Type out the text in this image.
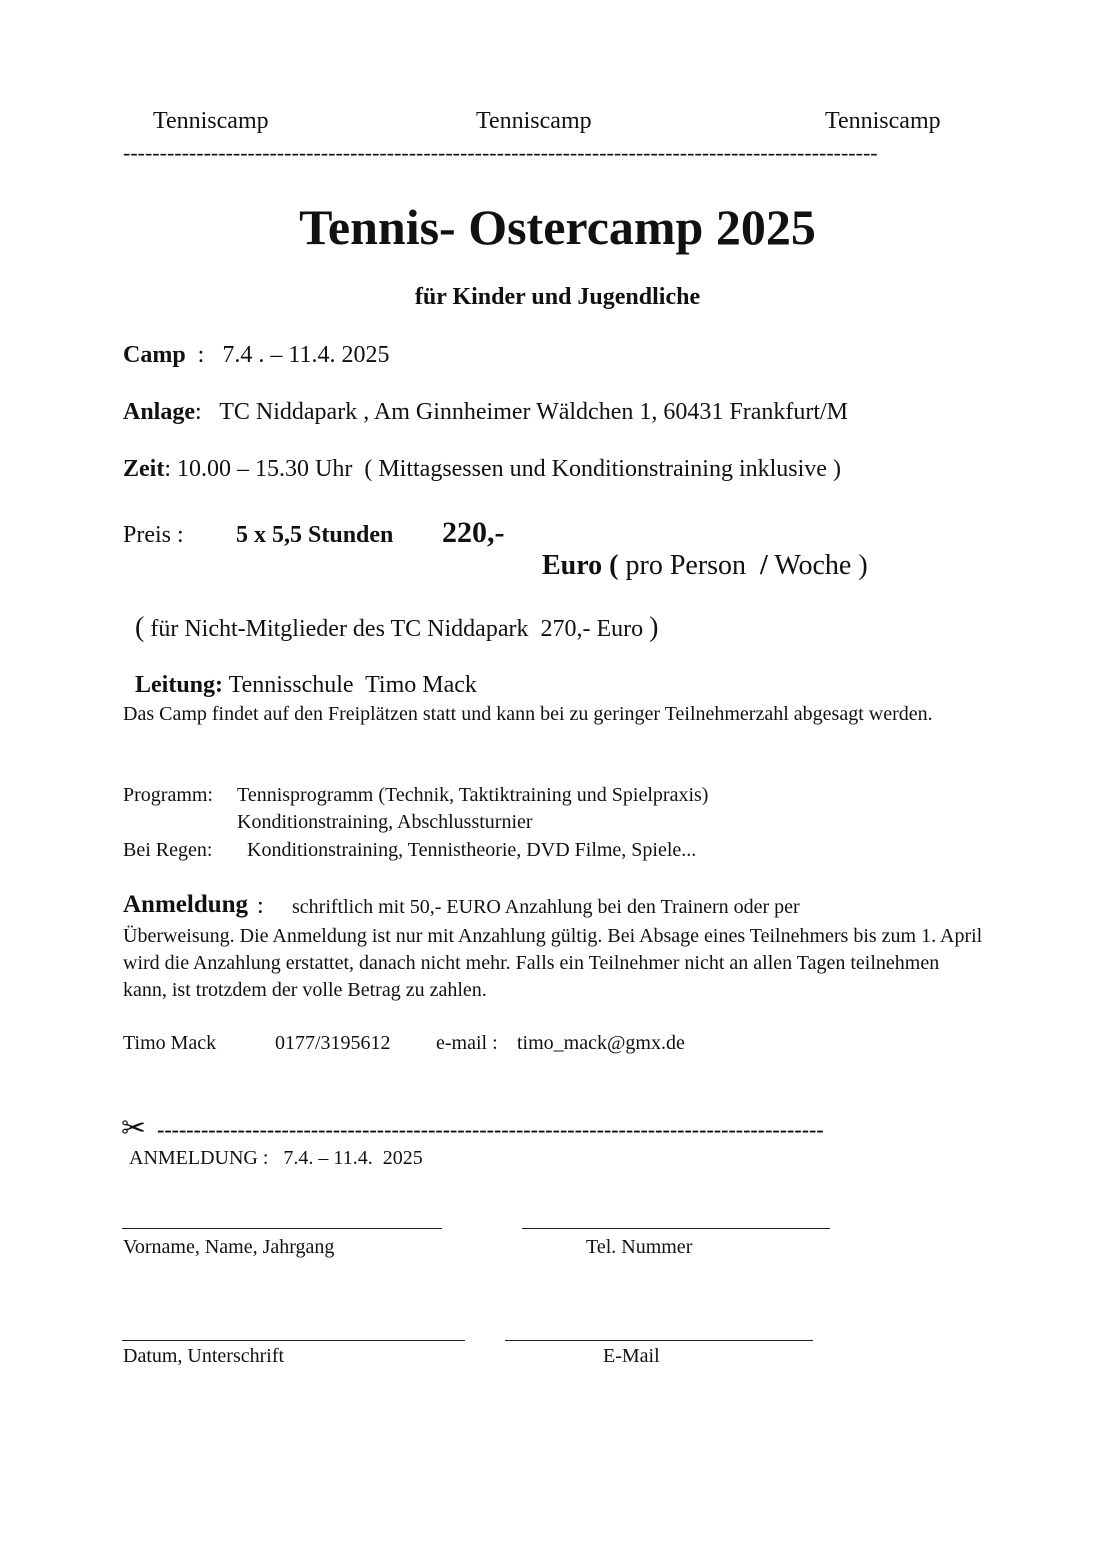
Tenniscamp	Tenniscamp	Tenniscamp
-------------------------------------------------------------------------------------------------------
Tennis- Ostercamp 2025
für Kinder und Jugendliche
Camp  :   7.4 . – 11.4. 2025
Anlage:   TC Niddapark , Am Ginnheimer Wäldchen 1, 60431 Frankfurt/M
Zeit: 10.00 – 15.30 Uhr  ( Mittagsessen und Konditionstraining inklusive )
Preis : 5 x 5,5 Stunden 220,-

Euro ( pro Person  / Woche )

( für Nicht-Mitglieder des TC Niddapark  270,- Euro )

Leitung: Tennisschule  Timo Mack

Das Camp findet auf den Freiplätzen statt und kann bei zu geringer Teilnehmerzahl abgesagt werden.
Programm: Tennisprogramm (Technik, Taktiktraining und Spielpraxis)
Konditionstraining, Abschlussturnier
Bei Regen: Konditionstraining, Tennistheorie, DVD Filme, Spiele...
Anmeldung : schriftlich mit 50,- EURO Anzahlung bei den Trainern oder per
Überweisung. Die Anmeldung ist nur mit Anzahlung gültig. Bei Absage eines Teilnehmers bis zum 1. April wird die Anzahlung erstattet, danach nicht mehr. Falls ein Teilnehmer nicht an allen Tagen teilnehmen kann, ist trotzdem der volle Betrag zu zahlen.
Timo Mack	0177/3195612 e-mail : timo_mack@gmx.de
✂ -------------------------------------------------------------------------------------------
ANMELDUNG :   7.4. – 11.4.  2025
Vorname, Name, Jahrgang	Tel. Nummer
Datum, Unterschrift	E-Mail
